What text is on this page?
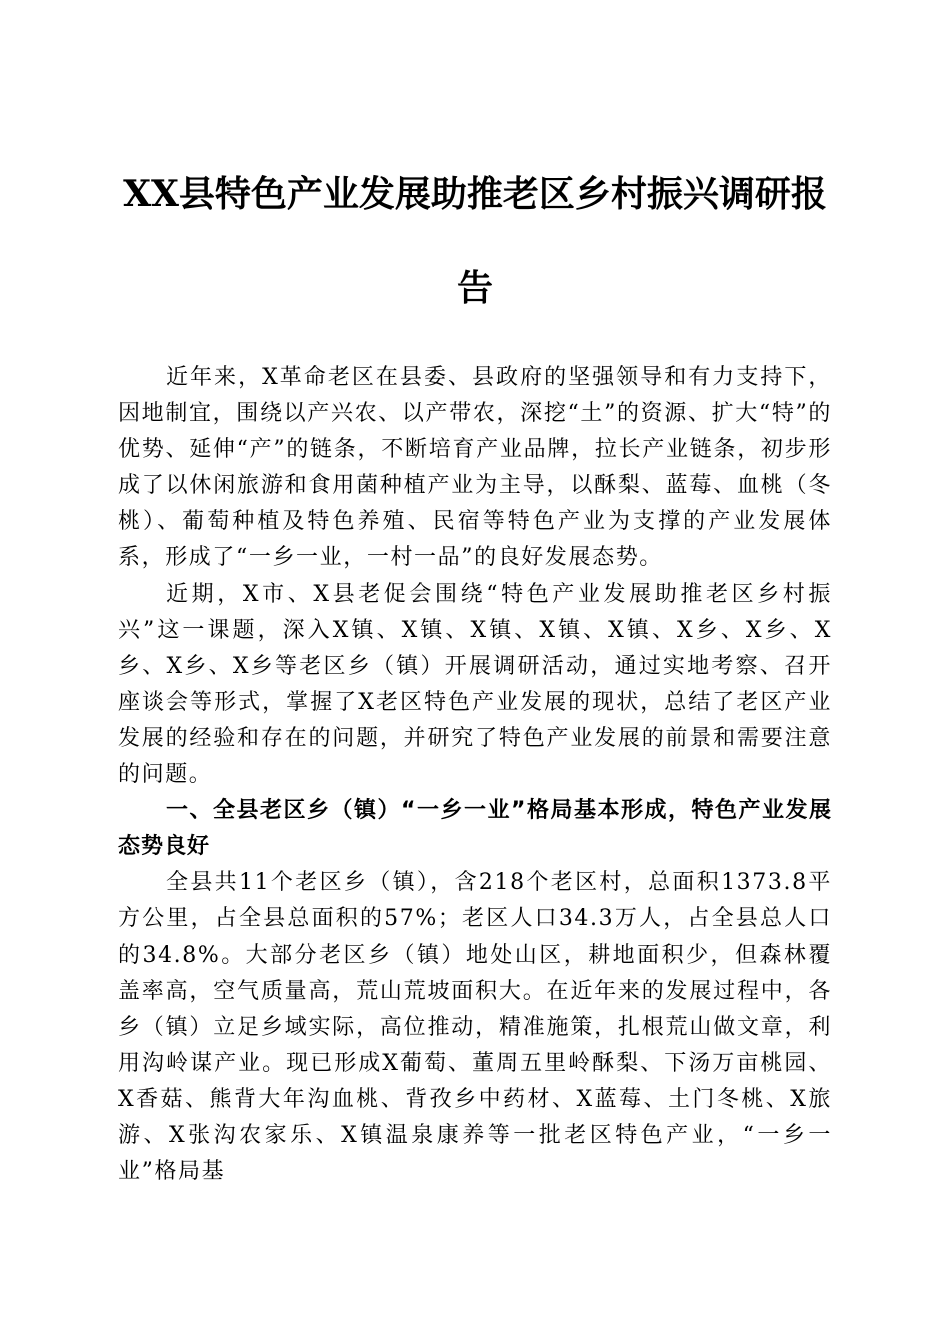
XX县特色产业发展助推老区乡村振兴调研报
告

近年来，X革命老区在县委、县政府的坚强领导和有力支持下，因地制宜，围绕以产兴农、以产带农，深挖“土”的资源、扩大“特”的优势、延伸“产”的链条，不断培育产业品牌，拉长产业链条，初步形成了以休闲旅游和食用菌种植产业为主导，以酥梨、蓝莓、血桃（冬桃）、葡萄种植及特色养殖、民宿等特色产业为支撑的产业发展体系，形成了“一乡一业，一村一品”的良好发展态势。

近期，X市、X县老促会围绕“特色产业发展助推老区乡村振兴”这一课题，深入X镇、X镇、X镇、X镇、X镇、X乡、X乡、X乡、X乡、X乡等老区乡（镇）开展调研活动，通过实地考察、召开座谈会等形式，掌握了X老区特色产业发展的现状，总结了老区产业发展的经验和存在的问题，并研究了特色产业发展的前景和需要注意的问题。

一、全县老区乡（镇）“一乡一业”格局基本形成，特色产业发展态势良好

全县共11个老区乡（镇），含218个老区村，总面积1373.8平方公里，占全县总面积的57%；老区人口34.3万人，占全县总人口的34.8%。大部分老区乡（镇）地处山区，耕地面积少，但森林覆盖率高，空气质量高，荒山荒坡面积大。在近年来的发展过程中，各乡（镇）立足乡域实际，高位推动，精准施策，扎根荒山做文章，利用沟岭谋产业。现已形成X葡萄、董周五里岭酥梨、下汤万亩桃园、X香菇、熊背大年沟血桃、背孜乡中药材、X蓝莓、土门冬桃、X旅游、X张沟农家乐、X镇温泉康养等一批老区特色产业，“一乡一业”格局基
